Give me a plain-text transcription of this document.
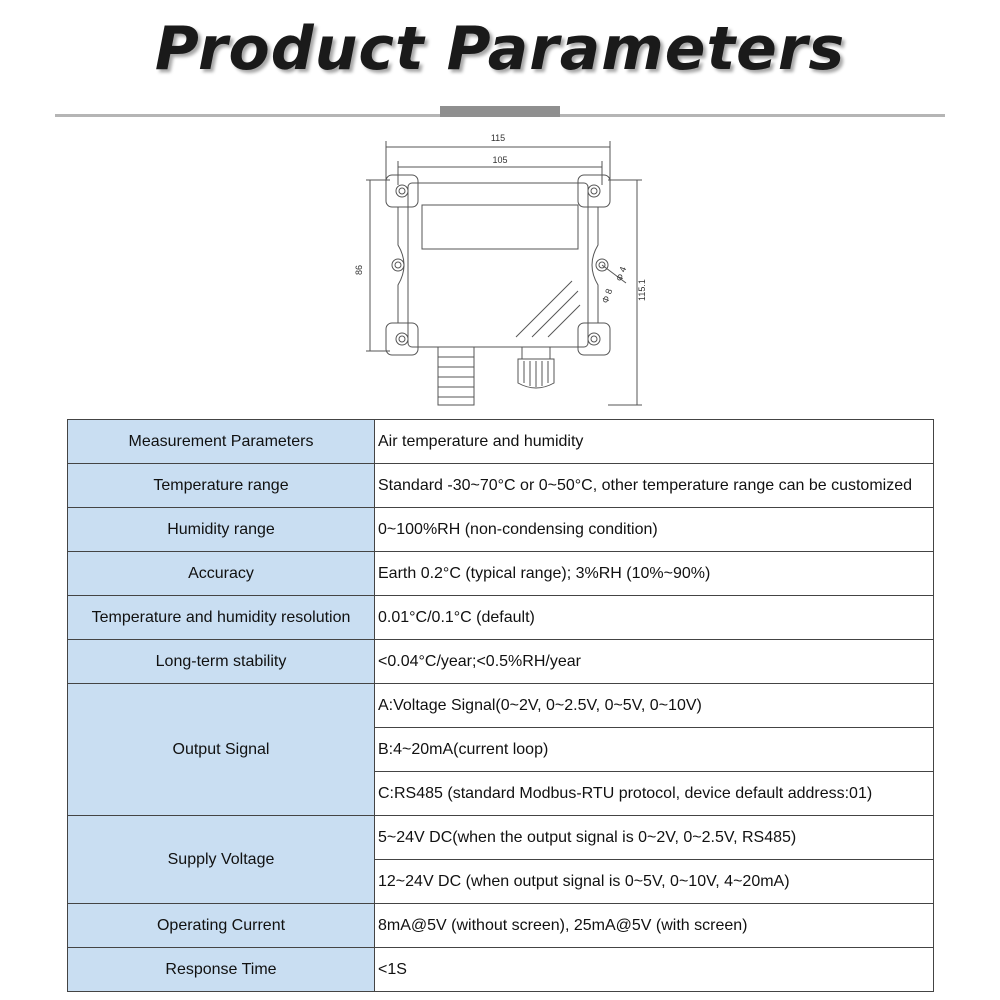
Product Parameters
115
105
86
115.1
Φ 8
Φ 4
Measurement Parameters	Air temperature and humidity
Temperature range	Standard -30~70°C or 0~50°C, other temperature range can be customized
Humidity range	0~100%RH (non-condensing condition)
Accuracy	Earth 0.2°C (typical range); 3%RH (10%~90%)
Temperature and humidity resolution	0.01°C/0.1°C (default)
Long-term stability	<0.04°C/year;<0.5%RH/year
Output Signal	A:Voltage Signal(0~2V, 0~2.5V, 0~5V, 0~10V)
	B:4~20mA(current loop)
	C:RS485 (standard Modbus-RTU protocol, device default address:01)
Supply Voltage	5~24V DC(when the output signal is 0~2V, 0~2.5V, RS485)
	12~24V DC (when output signal is 0~5V, 0~10V, 4~20mA)
Operating Current	8mA@5V (without screen), 25mA@5V (with screen)
Response Time	<1S
